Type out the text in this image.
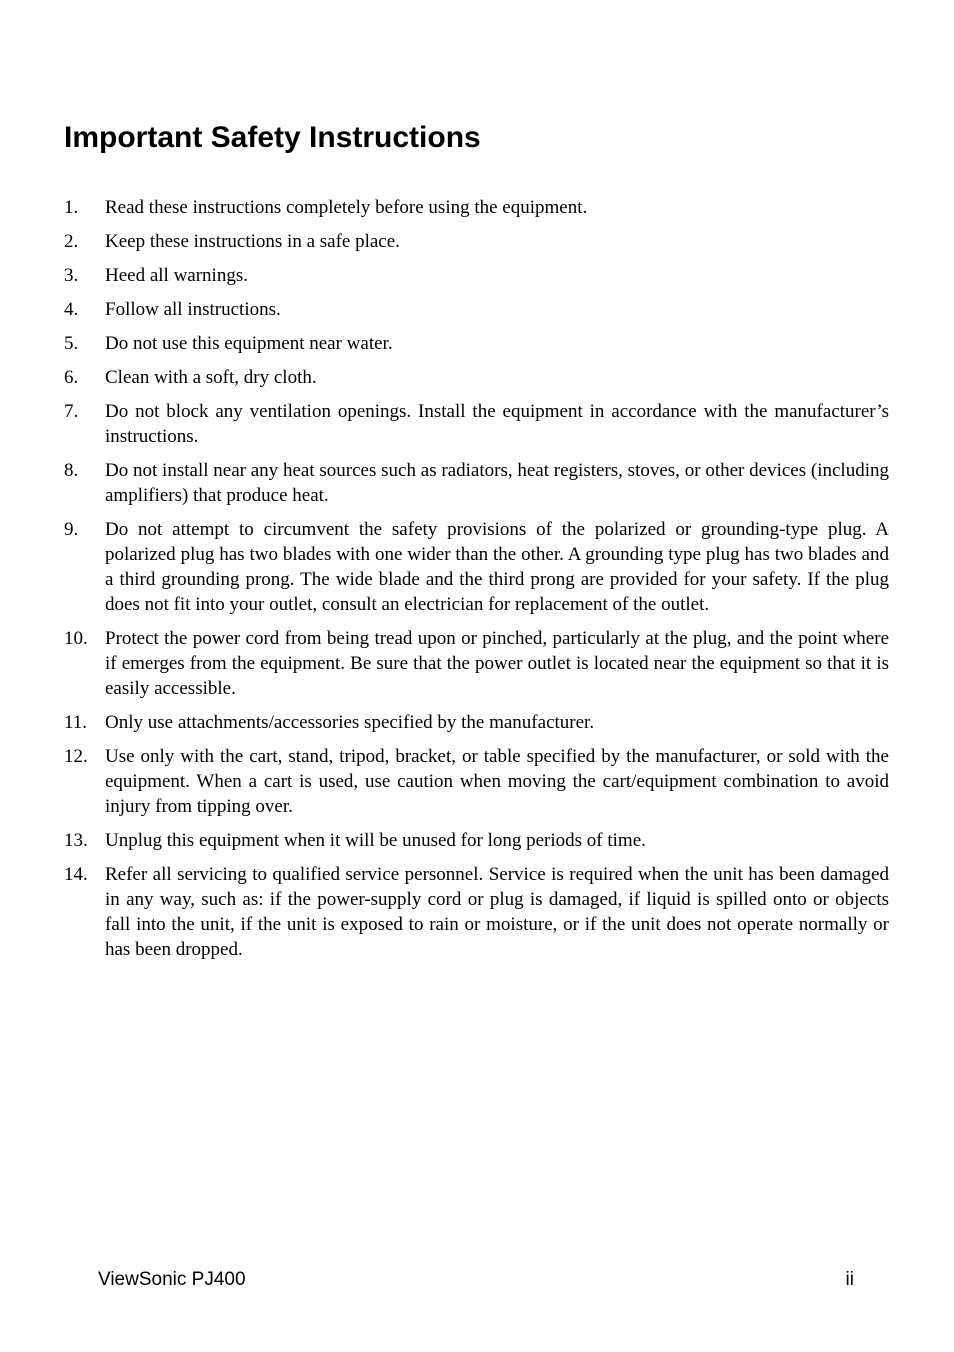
Important Safety Instructions
1.	Read these instructions completely before using the equipment.
2.	Keep these instructions in a safe place.
3.	Heed all warnings.
4.	Follow all instructions.
5.	Do not use this equipment near water.
6.	Clean with a soft, dry cloth.
7.	Do not block any ventilation openings. Install the equipment in accordance with the manufacturer’s instructions.
8.	Do not install near any heat sources such as radiators, heat registers, stoves, or other devices (including amplifiers) that produce heat.
9.	Do not attempt to circumvent the safety provisions of the polarized or grounding-type plug. A polarized plug has two blades with one wider than the other. A grounding type plug has two blades and a third grounding prong. The wide blade and the third prong are provided for your safety. If the plug does not fit into your outlet, consult an electrician for replacement of the outlet.
10. Protect the power cord from being tread upon or pinched, particularly at the plug, and the point where if emerges from the equipment. Be sure that the power outlet is located near the equipment so that it is easily accessible.
11. Only use attachments/accessories specified by the manufacturer.
12. Use only with the cart, stand, tripod, bracket, or table specified by the manufacturer, or sold with the equipment. When a cart is used, use caution when moving the cart/equipment combination to avoid injury from tipping over.
13. Unplug this equipment when it will be unused for long periods of time.
14. Refer all servicing to qualified service personnel. Service is required when the unit has been damaged in any way, such as: if the power-supply cord or plug is damaged, if liquid is spilled onto or objects fall into the unit, if the unit is exposed to rain or moisture, or if the unit does not operate normally or has been dropped.
ViewSonic PJ400	ii
